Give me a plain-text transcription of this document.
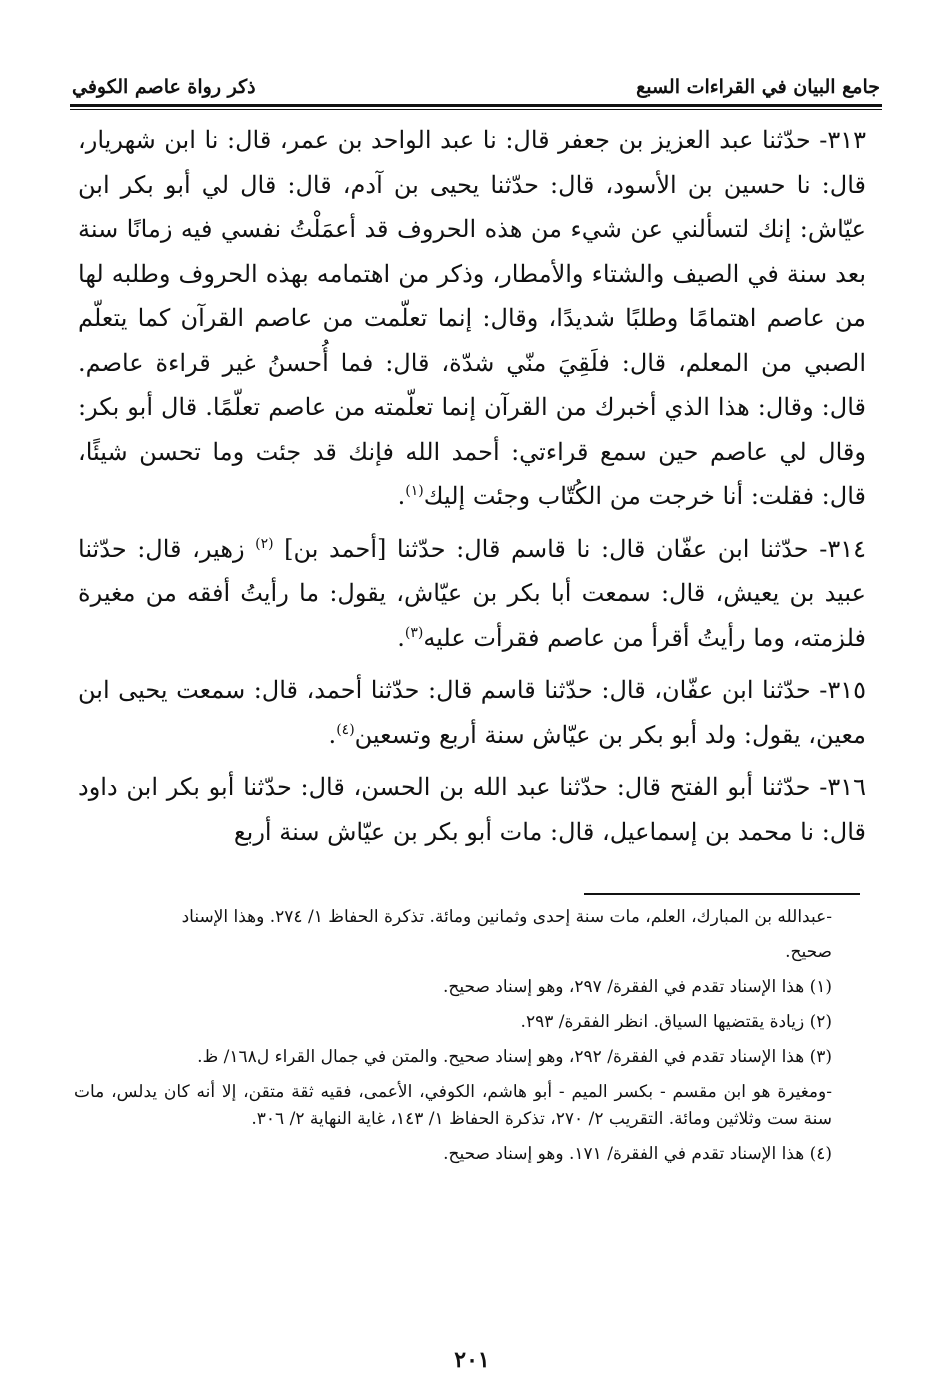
جامع البيان في القراءات السبع
ذكر رواة عاصم الكوفي

٣١٣- حدّثنا عبد العزيز بن جعفر قال: نا عبد الواحد بن عمر، قال: نا ابن شهريار، قال: نا حسين بن الأسود، قال: حدّثنا يحيى بن آدم، قال: قال لي أبو بكر ابن عيّاش: إنك لتسألني عن شيء من هذه الحروف قد أعمَلْتُ نفسي فيه زمانًا سنة بعد سنة في الصيف والشتاء والأمطار، وذكر من اهتمامه بهذه الحروف وطلبه لها من عاصم اهتمامًا وطلبًا شديدًا، وقال: إنما تعلّمت من عاصم القرآن كما يتعلّم الصبي من المعلم، قال: فلَقِيَ منّي شدّة، قال: فما أُحسنُ غير قراءة عاصم. قال: وقال: هذا الذي أخبرك من القرآن إنما تعلّمته من عاصم تعلّمًا. قال أبو بكر: وقال لي عاصم حين سمع قراءتي: أحمد الله فإنك قد جئت وما تحسن شيئًا، قال: فقلت: أنا خرجت من الكُتّاب وجئت إليك$^{(١)}$.

٣١٤- حدّثنا ابن عفّان قال: نا قاسم قال: حدّثنا [أحمد بن] $^{(٢)}$ زهير، قال: حدّثنا عبيد بن يعيش، قال: سمعت أبا بكر بن عيّاش، يقول: ما رأيتُ أفقه من مغيرة فلزمته، وما رأيتُ أقرأ من عاصم فقرأت عليه$^{(٣)}$.

٣١٥- حدّثنا ابن عفّان، قال: حدّثنا قاسم قال: حدّثنا أحمد، قال: سمعت يحيى ابن معين، يقول: ولد أبو بكر بن عيّاش سنة أربع وتسعين$^{(٤)}$.

٣١٦- حدّثنا أبو الفتح قال: حدّثنا عبد الله بن الحسن، قال: حدّثنا أبو بكر ابن داود قال: نا محمد بن إسماعيل، قال: مات أبو بكر بن عيّاش سنة أربع

-عبدالله بن المبارك، العلم، مات سنة إحدى وثمانين ومائة. تذكرة الحفاظ ١/ ٢٧٤. وهذا الإسناد

صحيح.

(١) هذا الإسناد تقدم في الفقرة/ ٢٩٧، وهو إسناد صحيح.

(٢) زيادة يقتضيها السياق. انظر الفقرة/ ٢٩٣.

(٣) هذا الإسناد تقدم في الفقرة/ ٢٩٢، وهو إسناد صحيح. والمتن في جمال القراء ل١٦٨/ ظ.

-ومغيرة هو ابن مقسم - بكسر الميم - أبو هاشم، الكوفي، الأعمى، فقيه ثقة متقن، إلا أنه كان يدلس، مات سنة ست وثلاثين ومائة. التقريب ٢/ ٢٧٠، تذكرة الحفاظ ١/ ١٤٣، غاية النهاية ٢/ ٣٠٦.

(٤) هذا الإسناد تقدم في الفقرة/ ١٧١. وهو إسناد صحيح.

٢٠١
